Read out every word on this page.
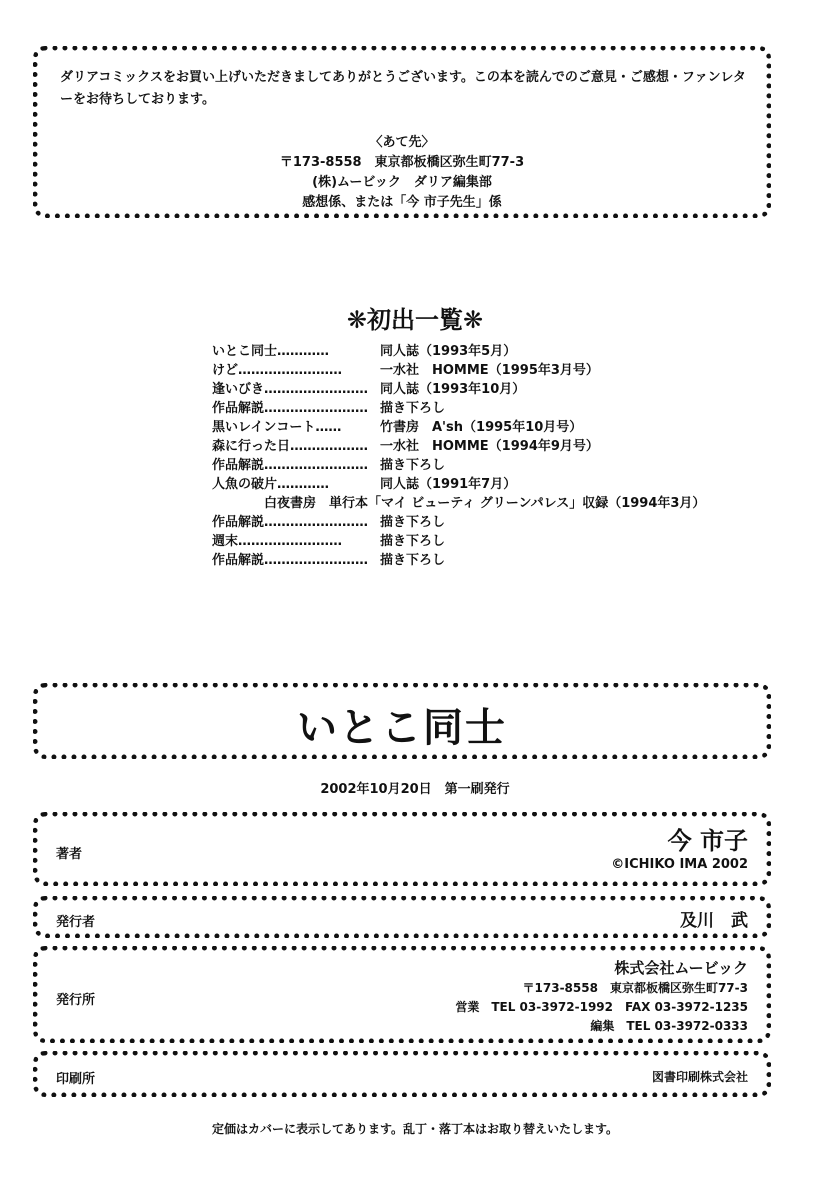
ダリアコミックスをお買い上げいただきましてありがとうございます。この本を読んでのご意見・ご感想・ファンレターをお待ちしております。
〈あて先〉
〒173-8558　東京都板橋区弥生町77-3
(株)ムービック　ダリア編集部
感想係、または「今 市子先生」係
❋初出一覧❋
いとこ同士…………	同人誌（1993年5月）
けど……………………	一水社　HOMME（1995年3月号）
逢いびき…………………… 同人誌（1993年10月）
作品解説…………………… 描き下ろし
黒いレインコート……	竹書房　A'sh（1995年10月号）
森に行った日……………… 一水社　HOMME（1994年9月号）
作品解説…………………… 描き下ろし
人魚の破片…………	同人誌（1991年7月）
白夜書房　単行本「マイ ビューティ グリーンパレス」収録（1994年3月）
作品解説…………………… 描き下ろし
週末……………………	描き下ろし
作品解説…………………… 描き下ろし
いとこ同士
2002年10月20日　第一刷発行
著者	今 市子
©ICHIKO IMA 2002
発行者	及川　武
発行所
株式会社ムービック
〒173-8558　東京都板橋区弥生町77-3
営業　TEL 03-3972-1992　FAX 03-3972-1235
編集　TEL 03-3972-0333
印刷所	図書印刷株式会社
定価はカバーに表示してあります。乱丁・落丁本はお取り替えいたします。
